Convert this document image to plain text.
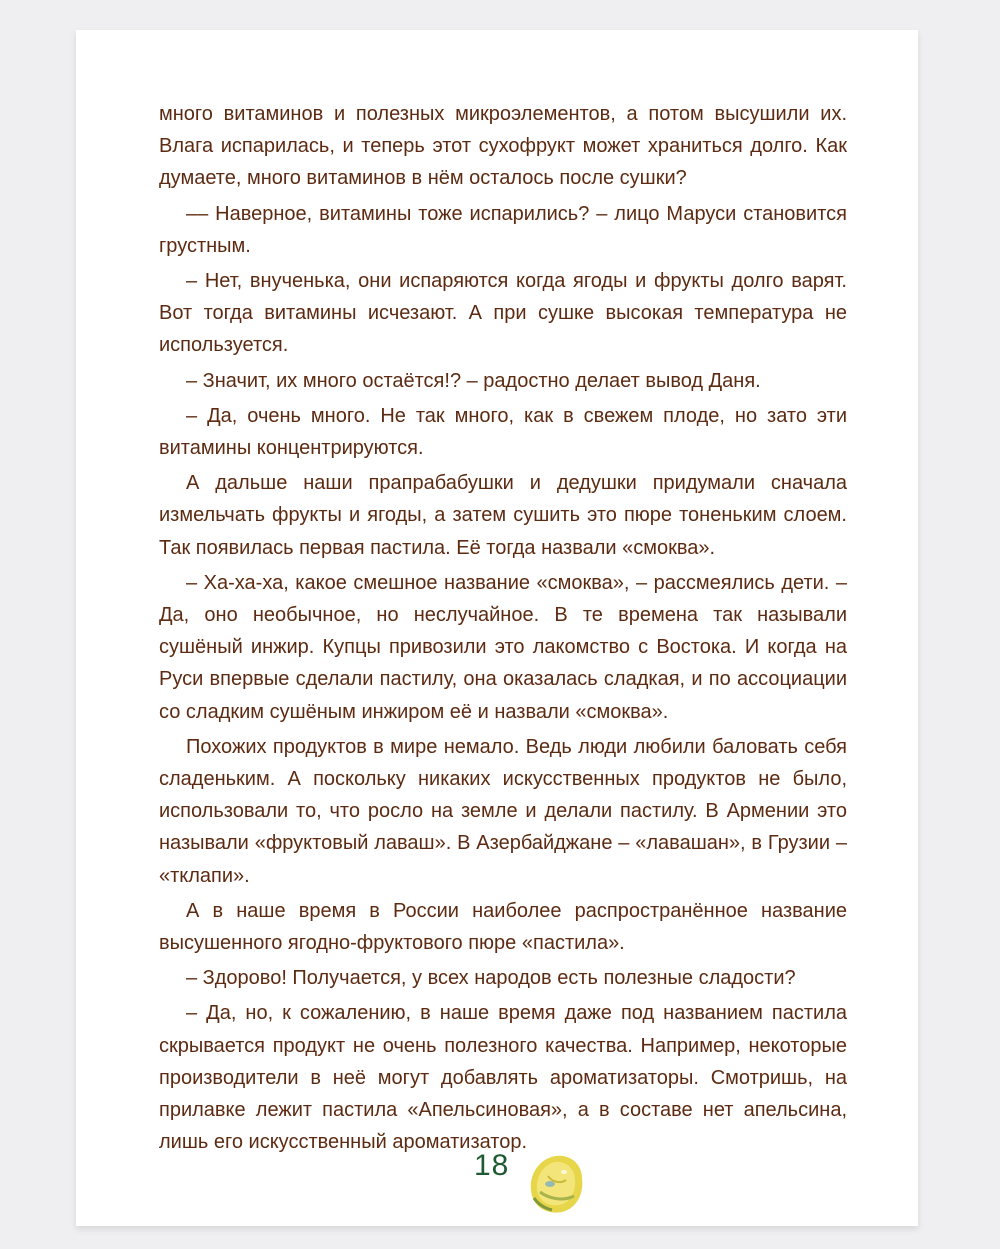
много витаминов и полезных микроэлементов, а потом высушили их. Влага испарилась, и теперь этот сухофрукт может храниться долго. Как думаете, много витаминов в нём осталось после сушки?

–– Наверное, витамины тоже испарились? – лицо Маруси становится грустным.

– Нет, внученька, они испаряются когда ягоды и фрукты долго варят. Вот тогда витамины исчезают. А при сушке высокая температура не используется.

– Значит, их много остаётся!? – радостно делает вывод Даня.

– Да, очень много. Не так много, как в свежем плоде, но зато эти витамины концентрируются.

А дальше наши прапрабабушки и дедушки придумали сначала измельчать фрукты и ягоды, а затем сушить это пюре тоненьким слоем. Так появилась первая пастила. Её тогда назвали «смоква».

– Ха-ха-ха, какое смешное название «смоква», – рассмеялись дети. – Да, оно необычное, но неслучайное. В те времена так называли сушёный инжир. Купцы привозили это лакомство с Востока. И когда на Руси впервые сделали пастилу, она оказалась сладкая, и по ассоциации со сладким сушёным инжиром её и назвали «смоква».

Похожих продуктов в мире немало. Ведь люди любили баловать себя сладеньким. А поскольку никаких искусственных продуктов не было, использовали то, что росло на земле и делали пастилу. В Армении это называли «фруктовый лаваш». В Азербайджане – «лавашан», в Грузии – «тклапи».

А в наше время в России наиболее распространённое название высушенного ягодно-фруктового пюре «пастила».

– Здорово! Получается, у всех народов есть полезные сладости?

– Да, но, к сожалению, в наше время даже под названием пастила скрывается продукт не очень полезного качества. Например, некоторые производители в неё могут добавлять ароматизаторы. Смотришь, на прилавке лежит пастила «Апельсиновая», а в составе нет апельсина, лишь его искусственный ароматизатор.

18
